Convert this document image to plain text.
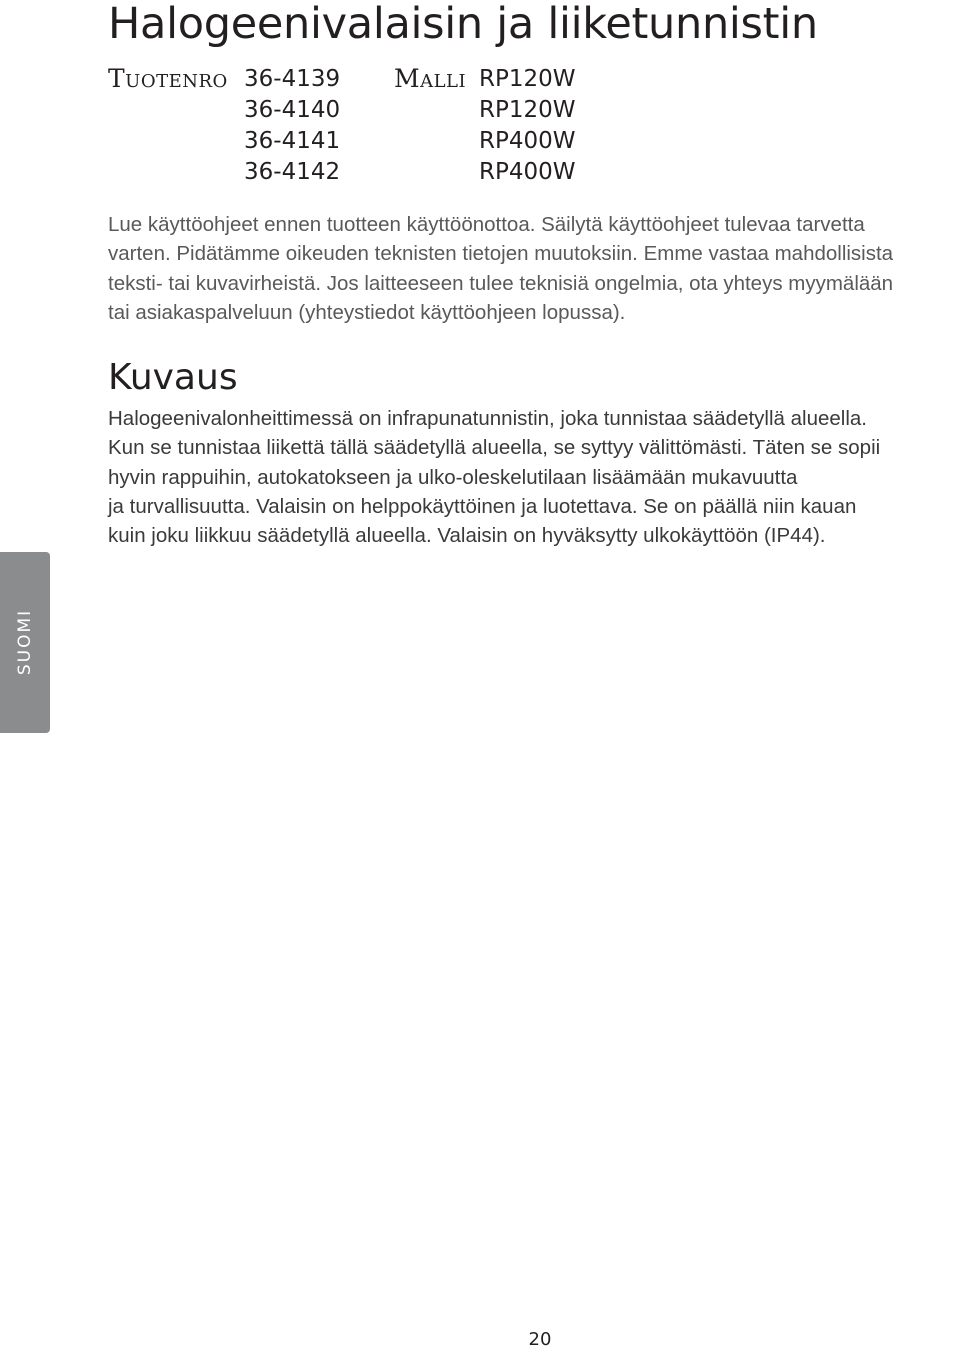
Halogeenivalaisin ja liiketunnistin
Tuotenro 36-4139
36-4140
36-4141
36-4142
Malli RP120W
RP120W
RP400W
RP400W

Lue käyttöohjeet ennen tuotteen käyttöönottoa. Säilytä käyttöohjeet tulevaa tarvetta
varten. Pidätämme oikeuden teknisten tietojen muutoksiin. Emme vastaa mahdollisista
teksti- tai kuvavirheistä. Jos laitteeseen tulee teknisiä ongelmia, ota yhteys myymälään
tai asiakaspalveluun (yhteystiedot käyttöohjeen lopussa).

Kuvaus

Halogeenivalonheittimessä on infrapunatunnistin, joka tunnistaa säädetyllä alueella.
Kun se tunnistaa liikettä tällä säädetyllä alueella, se syttyy välittömästi. Täten se sopii
hyvin rappuihin, autokatokseen ja ulko-oleskelutilaan lisäämään mukavuutta
ja turvallisuutta. Valaisin on helppokäyttöinen ja luotettava. Se on päällä niin kauan
kuin joku liikkuu säädetyllä alueella. Valaisin on hyväksytty ulkokäyttöön (IP44).

SUOMI
20
